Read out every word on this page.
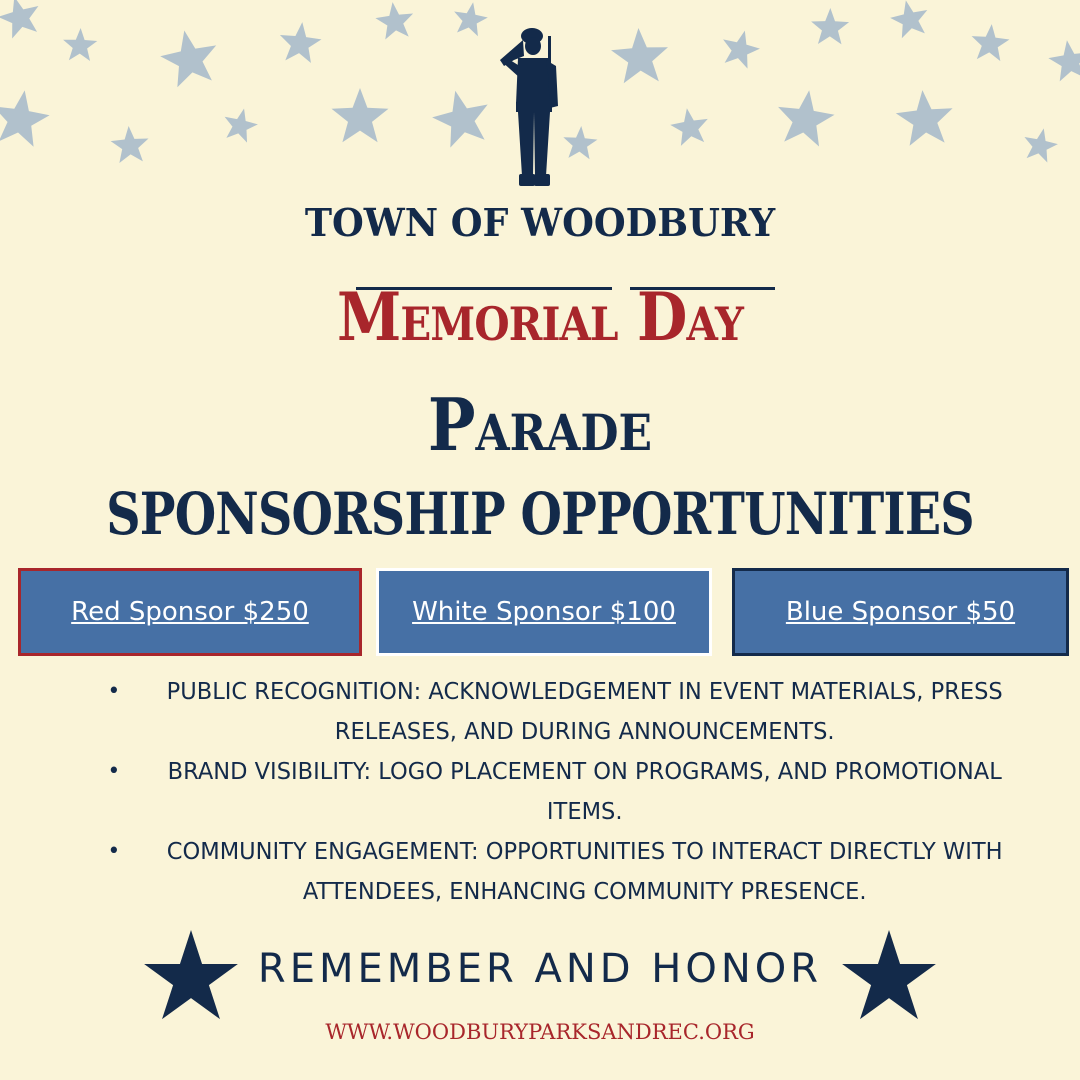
TOWN OF WOODBURY
Memorial Day
Parade
SPONSORSHIP OPPORTUNITIES
Red Sponsor $250	White Sponsor $100	Blue Sponsor $50
• PUBLIC RECOGNITION: ACKNOWLEDGEMENT IN EVENT MATERIALS, PRESS RELEASES, AND DURING ANNOUNCEMENTS.
• BRAND VISIBILITY: LOGO PLACEMENT ON PROGRAMS, AND PROMOTIONAL ITEMS.
• COMMUNITY ENGAGEMENT: OPPORTUNITIES TO INTERACT DIRECTLY WITH ATTENDEES, ENHANCING COMMUNITY PRESENCE.

REMEMBER AND HONOR

WWW.WOODBURYPARKSANDREC.ORG
